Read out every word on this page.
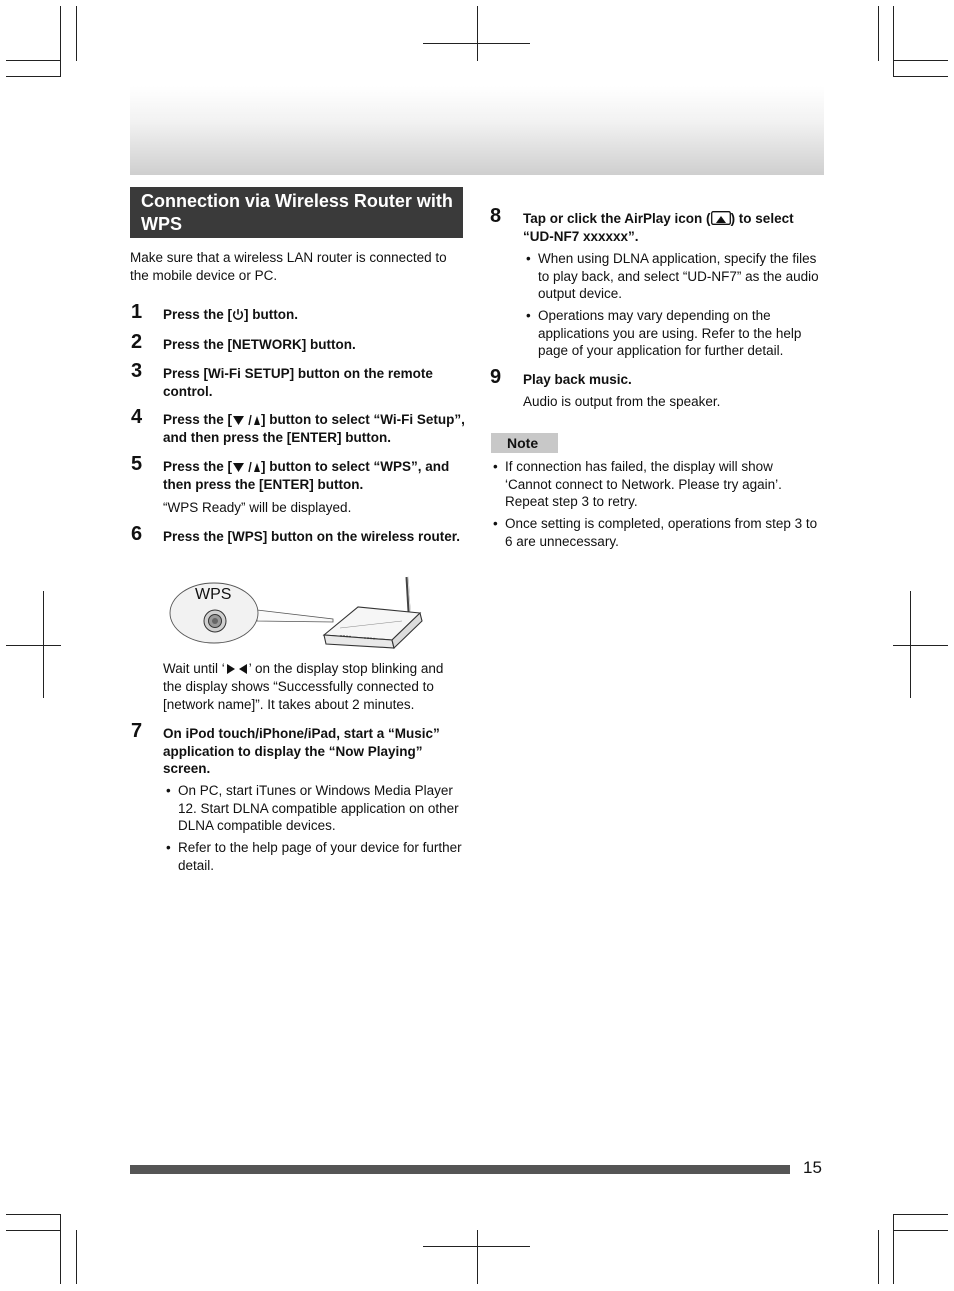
Connection via Wireless Router with WPS
Make sure that a wireless LAN router is connected to the mobile device or PC.
1 Press the [ ] button.
2 Press the [NETWORK] button.
3 Press [Wi-Fi SETUP] button on the remote control.
4 Press the [ ] button to select “Wi-Fi Setup”, and then press the [ENTER] button.
5 Press the [ ] button to select “WPS”, and then press the [ENTER] button.
“WPS Ready” will be displayed.
6 Press the [WPS] button on the wireless router.
WPS
Wait until ‘ ’ on the display stop blinking and the display shows “Successfully connected to [network name]”. It takes about 2 minutes.
7 On iPod touch/iPhone/iPad, start a “Music” application to display the “Now Playing” screen.
• On PC, start iTunes or Windows Media Player 12. Start DLNA compatible application on other DLNA compatible devices.
• Refer to the help page of your device for further detail.
8 Tap or click the AirPlay icon ( ) to select “UD-NF7 xxxxxx”.
• When using DLNA application, specify the files to play back, and select “UD-NF7” as the audio output device.
• Operations may vary depending on the applications you are using. Refer to the help page of your application for further detail.
9 Play back music.
Audio is output from the speaker.
Note
• If connection has failed, the display will show ‘Cannot connect to Network. Please try again’. Repeat step 3 to retry.
• Once setting is completed, operations from step 3 to 6 are unnecessary.
15
